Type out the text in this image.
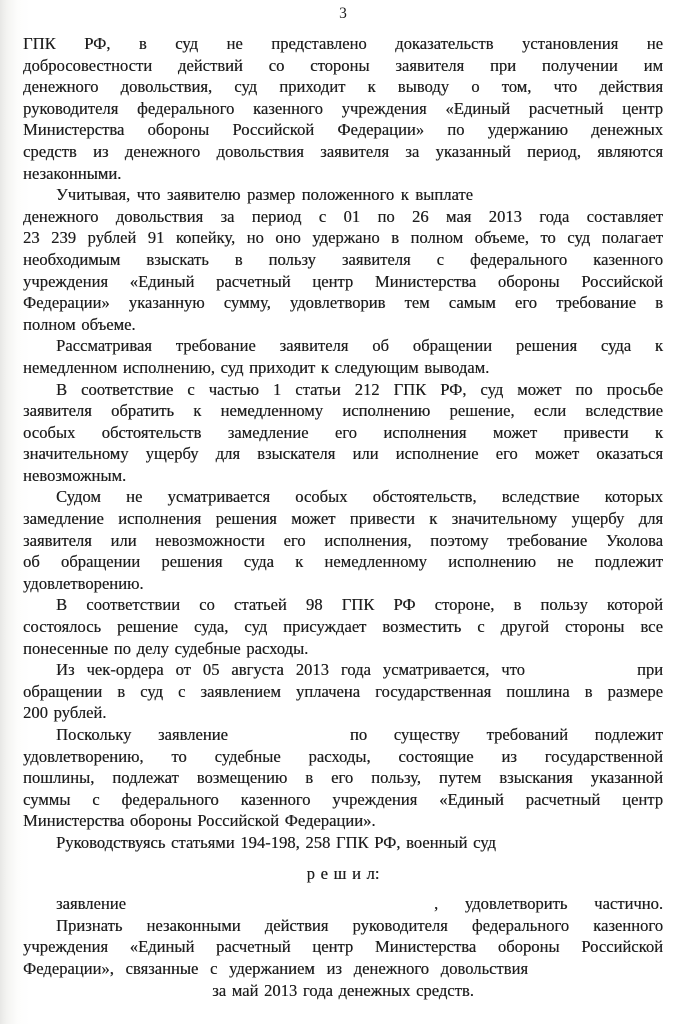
3
ГПК РФ, в суд не представлено доказательств установления не
добросовестности действий со стороны заявителя при получении им
денежного довольствия, суд приходит к выводу о том, что действия
руководителя федерального казенного учреждения «Единый расчетный центр
Министерства обороны Российской Федерации» по удержанию денежных
средств из денежного довольствия заявителя за указанный период, являются
незаконными.
Учитывая, что заявителю размер положенного к выплате
денежного довольствия за период с 01 по 26 мая 2013 года составляет
23 239 рублей 91 копейку, но оно удержано в полном объеме, то суд полагает
необходимым взыскать в пользу заявителя с федерального казенного
учреждения «Единый расчетный центр Министерства обороны Российской
Федерации» указанную сумму, удовлетворив тем самым его требование в
полном объеме.
Рассматривая требование заявителя об обращении решения суда к
немедленном исполнению, суд приходит к следующим выводам.
В соответствие с частью 1 статьи 212 ГПК РФ, суд может по просьбе
заявителя обратить к немедленному исполнению решение, если вследствие
особых обстоятельств замедление его исполнения может привести к
значительному ущербу для взыскателя или исполнение его может оказаться
невозможным.
Судом не усматривается особых обстоятельств, вследствие которых
замедление исполнения решения может привести к значительному ущербу для
заявителя или невозможности его исполнения, поэтому требование Уколова
об обращении решения суда к немедленному исполнению не подлежит
удовлетворению.
В соответствии со статьей 98 ГПК РФ стороне, в пользу которой
состоялось решение суда, суд присуждает возместить с другой стороны все
понесенные по делу судебные расходы.
Из чек-ордера от 05 августа 2013 года усматривается, что	при
обращении в суд с заявлением уплачена государственная пошлина в размере
200 рублей.
Поскольку заявление	по существу требований подлежит
удовлетворению, то судебные расходы, состоящие из государственной
пошлины, подлежат возмещению в его пользу, путем взыскания указанной
суммы с федерального казенного учреждения «Единый расчетный центр
Министерства обороны Российской Федерации».
Руководствуясь статьями 194-198, 258 ГПК РФ, военный суд
р е ш и л:
заявление	, удовлетворить частично.
Признать незаконными действия руководителя федерального казенного
учреждения «Единый расчетный центр Министерства обороны Российской
Федерации», связанные с удержанием из денежного довольствия
за май 2013 года денежных средств.
